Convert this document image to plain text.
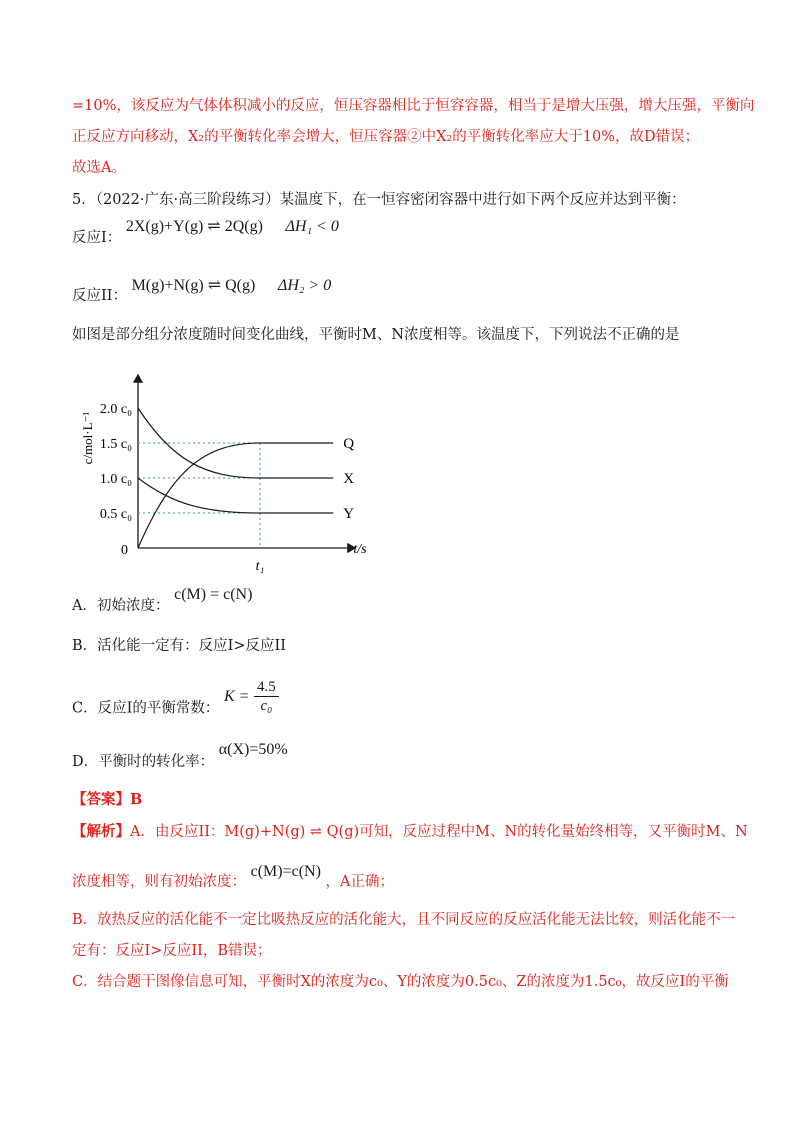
=10%，该反应为气体体积减小的反应，恒压容器相比于恒容容器，相当于是增大压强，增大压强，平衡向
正反应方向移动，X₂的平衡转化率会增大，恒压容器②中X₂的平衡转化率应大于10%，故D错误；
故选A。
5．（2022·广东·高三阶段练习）某温度下，在一恒容密闭容器中进行如下两个反应并达到平衡：
反应I： 2X(g)+Y(g) ⇌ 2Q(g) ΔH₁ < 0
反应II： M(g)+N(g) ⇌ Q(g) ΔH₂ > 0
如图是部分组分浓度随时间变化曲线，平衡时M、N浓度相等。该温度下，下列说法不正确的是
2.0 c₀
1.5 c₀
1.0 c₀
0.5 c₀
0
Q
X
Y
t₁
t/s
c/mol·L⁻¹
A．初始浓度： c(M) = c(N)
B．活化能一定有：反应I>反应II
C．反应I的平衡常数： $K = \frac{4.5}{\text{c₀}}$
D．平衡时的转化率： α(X)=50%
【答案】B
【解析】A．由反应II：M(g)+N(g) ⇌ Q(g)可知，反应过程中M、N的转化量始终相等，又平衡时M、N
浓度相等，则有初始浓度： c(M)=c(N) ，A正确；
B．放热反应的活化能不一定比吸热反应的活化能大，且不同反应的反应活化能无法比较，则活化能不一
定有：反应I>反应II，B错误；
C．结合题干图像信息可知，平衡时X的浓度为c₀、Y的浓度为0.5c₀、Z的浓度为1.5c₀，故反应I的平衡
